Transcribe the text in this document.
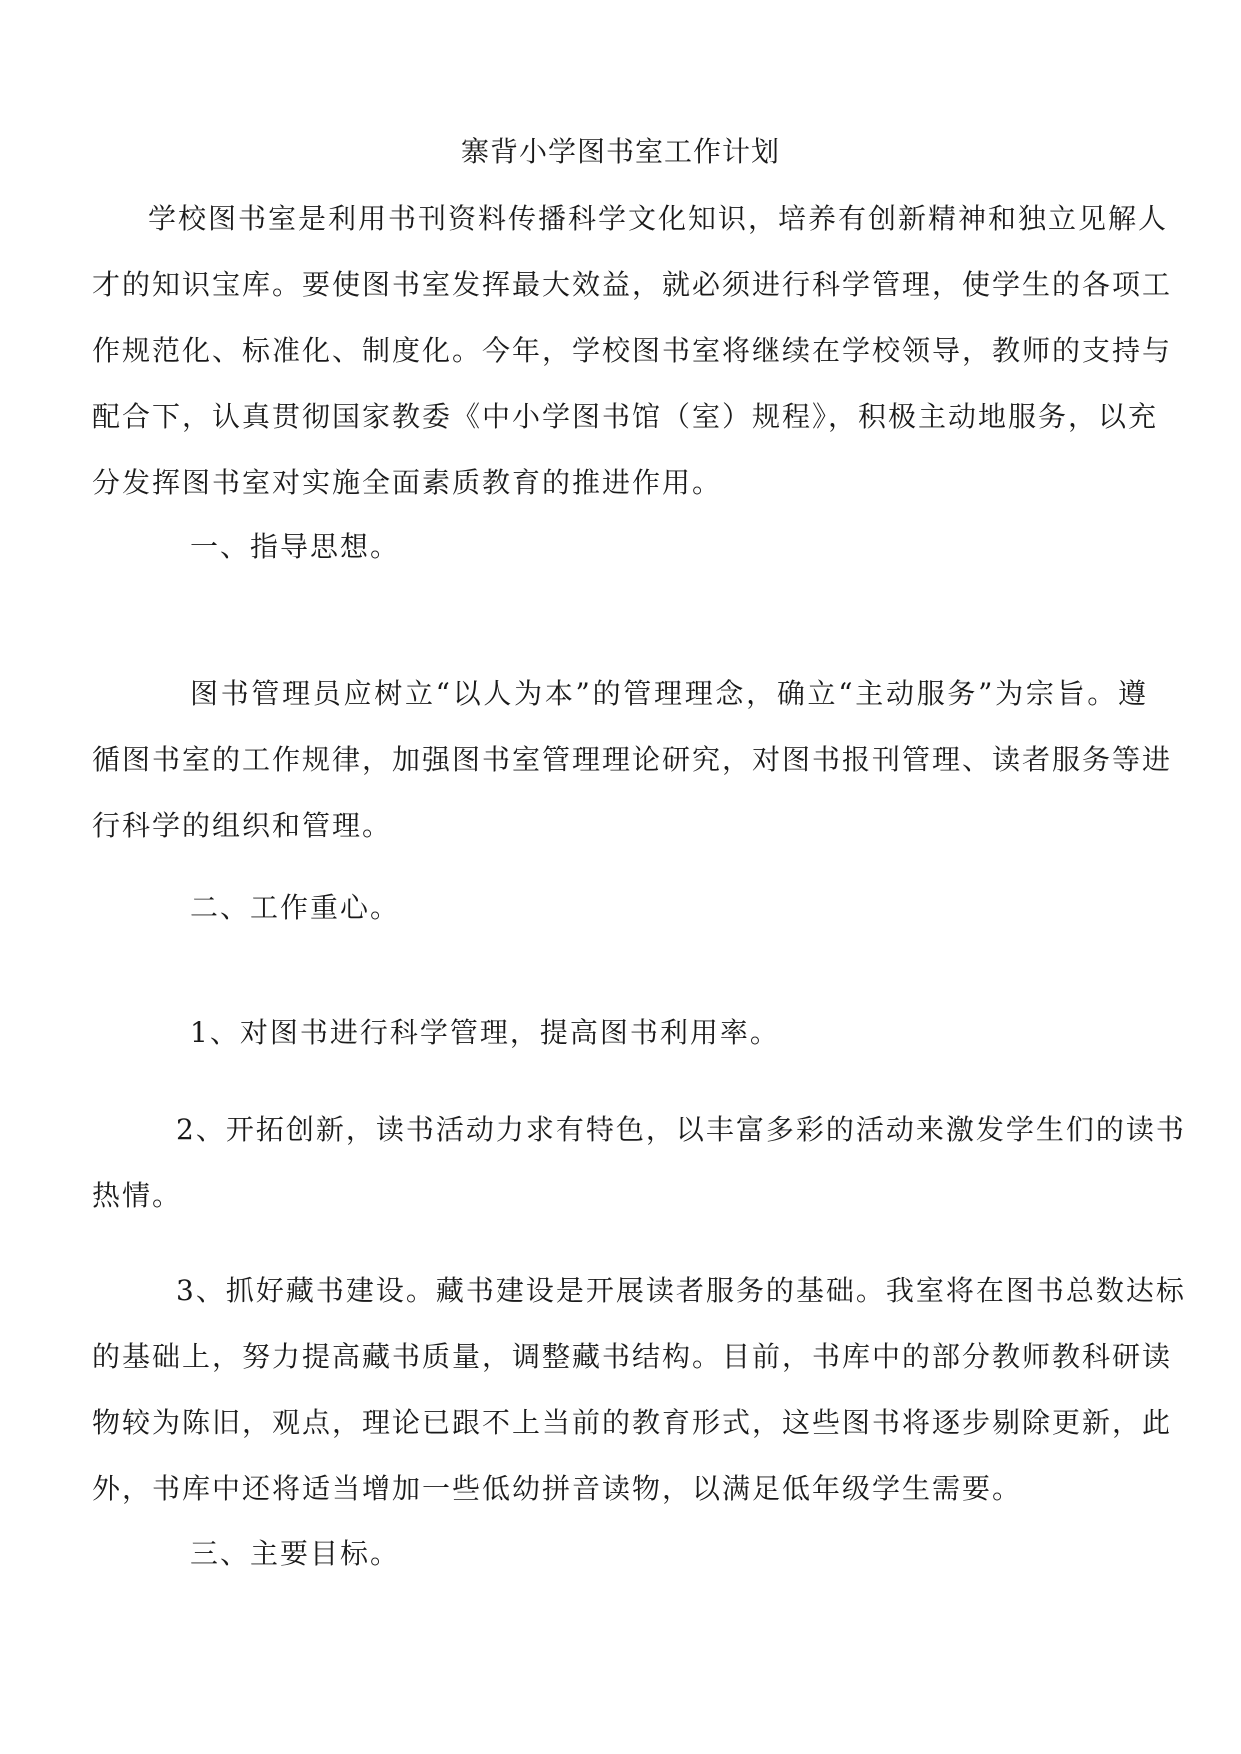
寨背小学图书室工作计划
学校图书室是利用书刊资料传播科学文化知识，培养有创新精神和独立见解人
才的知识宝库。要使图书室发挥最大效益，就必须进行科学管理，使学生的各项工
作规范化、标准化、制度化。今年，学校图书室将继续在学校领导，教师的支持与
配合下，认真贯彻国家教委《中小学图书馆（室）规程》，积极主动地服务，以充
分发挥图书室对实施全面素质教育的推进作用。
一、指导思想。
图书管理员应树立“以人为本”的管理理念，确立“主动服务”为宗旨。遵
循图书室的工作规律，加强图书室管理理论研究，对图书报刊管理、读者服务等进
行科学的组织和管理。
二、工作重心。
1、对图书进行科学管理，提高图书利用率。
2、开拓创新，读书活动力求有特色，以丰富多彩的活动来激发学生们的读书
热情。
3、抓好藏书建设。藏书建设是开展读者服务的基础。我室将在图书总数达标
的基础上，努力提高藏书质量，调整藏书结构。目前，书库中的部分教师教科研读
物较为陈旧，观点，理论已跟不上当前的教育形式，这些图书将逐步剔除更新，此
外，书库中还将适当增加一些低幼拼音读物，以满足低年级学生需要。
三、主要目标。
